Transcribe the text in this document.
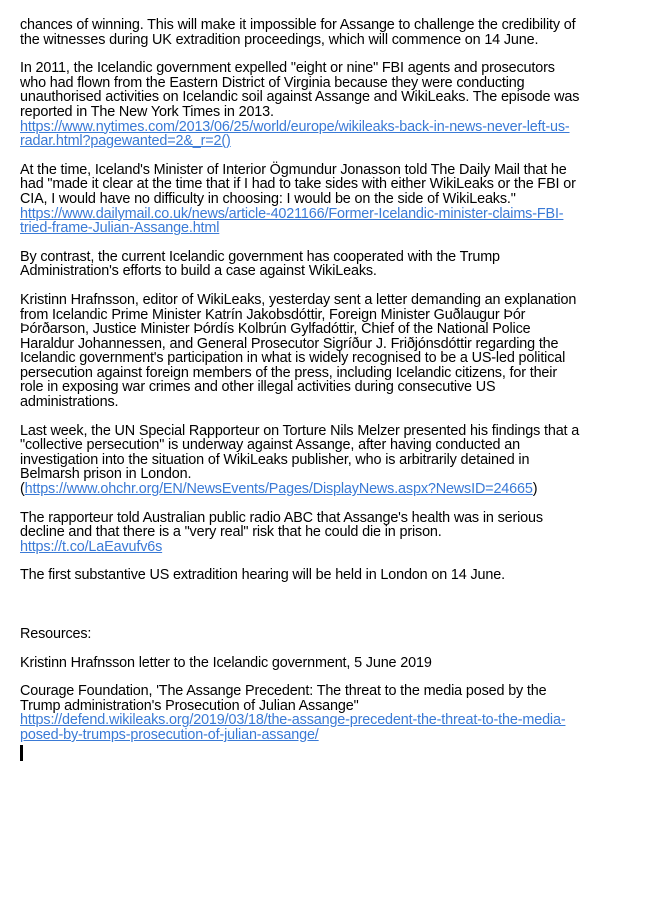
chances of winning. This will make it impossible for Assange to challenge the credibility of
the witnesses during UK extradition proceedings, which will commence on 14 June.
In 2011, the Icelandic government expelled "eight or nine" FBI agents and prosecutors
who had flown from the Eastern District of Virginia because they were conducting
unauthorised activities on Icelandic soil against Assange and WikiLeaks. The episode was
reported in The New York Times in 2013.
https://www.nytimes.com/2013/06/25/world/europe/wikileaks-back-in-news-never-left-us-
radar.html?pagewanted=2&_r=2()
At the time, Iceland's Minister of Interior Ögmundur Jonasson told The Daily Mail that he
had "made it clear at the time that if I had to take sides with either WikiLeaks or the FBI or
CIA, I would have no difficulty in choosing: I would be on the side of WikiLeaks."
https://www.dailymail.co.uk/news/article-4021166/Former-Icelandic-minister-claims-FBI-
tried-frame-Julian-Assange.html
By contrast, the current Icelandic government has cooperated with the Trump
Administration's efforts to build a case against WikiLeaks.
Kristinn Hrafnsson, editor of WikiLeaks, yesterday sent a letter demanding an explanation
from Icelandic Prime Minister Katrín Jakobsdóttir, Foreign Minister Guðlaugur Þór
Þórðarson, Justice Minister Þórdís Kolbrún Gylfadóttir, Chief of the National Police
Haraldur Johannessen, and General Prosecutor Sigríður J. Friðjónsdóttir regarding the
Icelandic government's participation in what is widely recognised to be a US-led political
persecution against foreign members of the press, including Icelandic citizens, for their
role in exposing war crimes and other illegal activities during consecutive US
administrations.
Last week, the UN Special Rapporteur on Torture Nils Melzer presented his findings that a
"collective persecution" is underway against Assange, after having conducted an
investigation into the situation of WikiLeaks publisher, who is arbitrarily detained in
Belmarsh prison in London.
(https://www.ohchr.org/EN/NewsEvents/Pages/DisplayNews.aspx?NewsID=24665)
The rapporteur told Australian public radio ABC that Assange's health was in serious
decline and that there is a "very real" risk that he could die in prison.
https://t.co/LaEavufv6s
The first substantive US extradition hearing will be held in London on 14 June.
Resources:
Kristinn Hrafnsson letter to the Icelandic government, 5 June 2019
Courage Foundation, 'The Assange Precedent: The threat to the media posed by the
Trump administration's Prosecution of Julian Assange"
https://defend.wikileaks.org/2019/03/18/the-assange-precedent-the-threat-to-the-media-
posed-by-trumps-prosecution-of-julian-assange/
